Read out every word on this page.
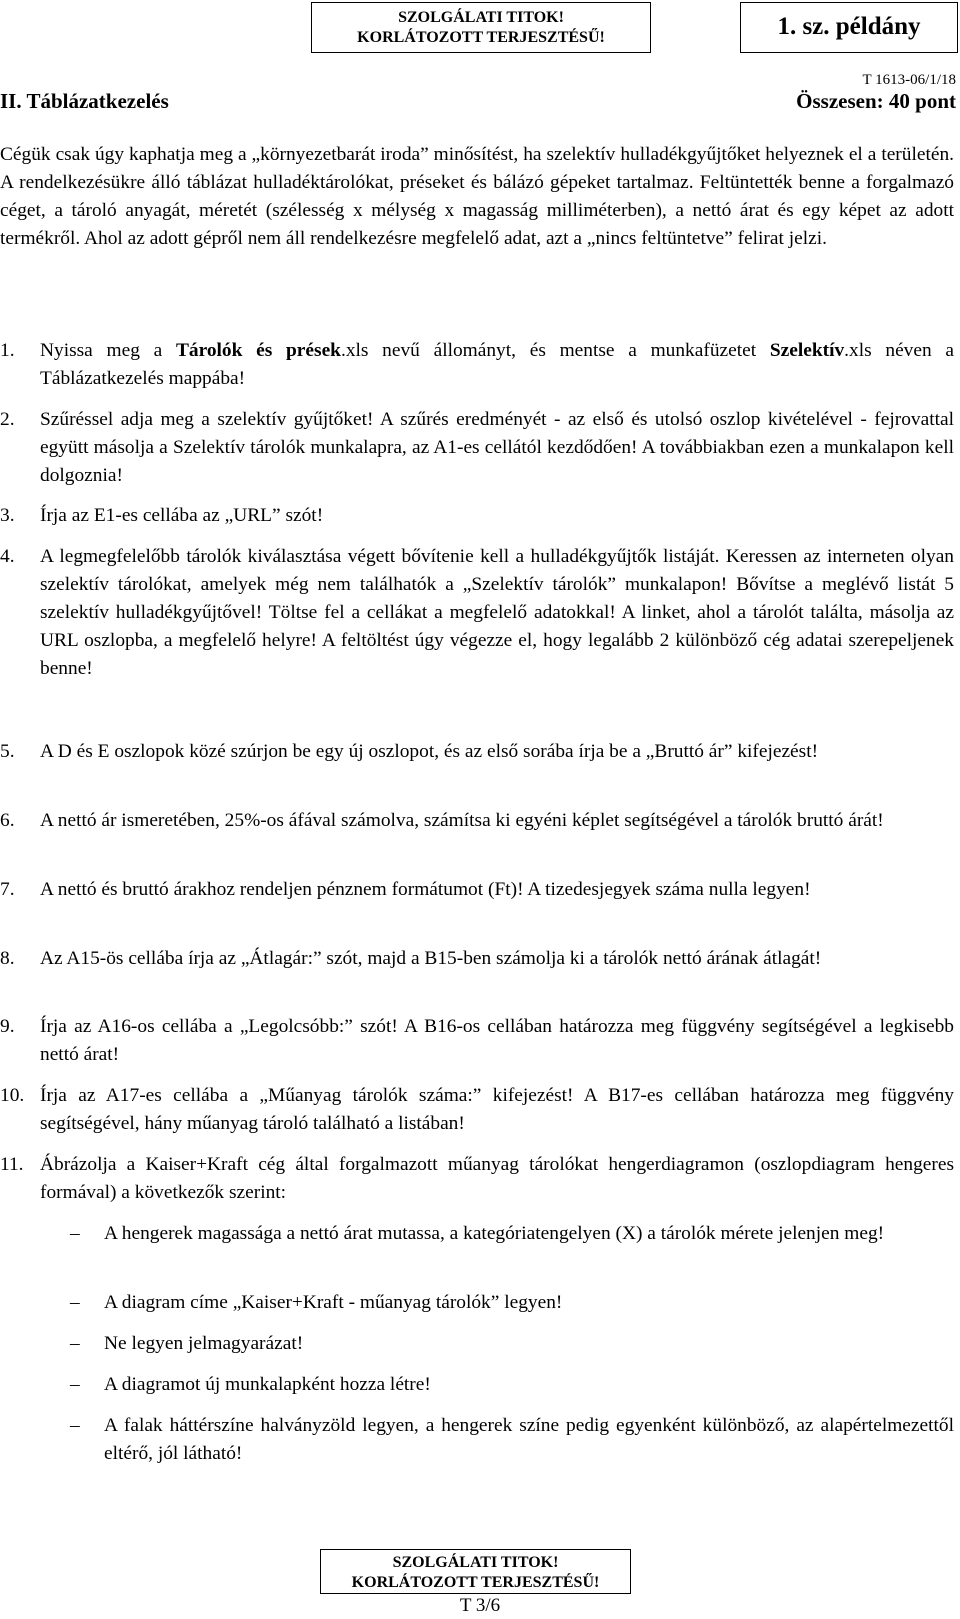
SZOLGÁLATI TITOK!
KORLÁTOZOTT TERJESZTÉSŰ!	1. sz. példány
T 1613-06/1/18
II. Táblázatkezelés	Összesen: 40 pont

Cégük csak úgy kaphatja meg a „környezetbarát iroda” minősítést, ha szelektív hulladékgyűjtőket helyeznek el a területén. A rendelkezésükre álló táblázat hulladéktárolókat, préseket és bálázó gépeket tartalmaz. Feltüntették benne a forgalmazó céget, a tároló anyagát, méretét (szélesség x mélység x magasság milliméterben), a nettó árat és egy képet az adott termékről. Ahol az adott gépről nem áll rendelkezésre megfelelő adat, azt a „nincs feltüntetve” felirat jelzi.

1. Nyissa meg a Tárolók és prések.xls nevű állományt, és mentse a munkafüzetet Szelektív.xls néven a Táblázatkezelés mappába!
2. Szűréssel adja meg a szelektív gyűjtőket! A szűrés eredményét - az első és utolsó oszlop kivételével - fejrovattal együtt másolja a Szelektív tárolók munkalapra, az A1-es cellától kezdődően! A továbbiakban ezen a munkalapon kell dolgoznia!
3. Írja az E1-es cellába az „URL” szót!
4. A legmegfelelőbb tárolók kiválasztása végett bővítenie kell a hulladékgyűjtők listáját. Keressen az interneten olyan szelektív tárolókat, amelyek még nem találhatók a „Szelektív tárolók” munkalapon! Bővítse a meglévő listát 5 szelektív hulladékgyűjtővel! Töltse fel a cellákat a megfelelő adatokkal! A linket, ahol a tárolót találta, másolja az URL oszlopba, a megfelelő helyre! A feltöltést úgy végezze el, hogy legalább 2 különböző cég adatai szerepeljenek benne!
5. A D és E oszlopok közé szúrjon be egy új oszlopot, és az első sorába írja be a „Bruttó ár” kifejezést!
6. A nettó ár ismeretében, 25%-os áfával számolva, számítsa ki egyéni képlet segítségével a tárolók bruttó árát!
7. A nettó és bruttó árakhoz rendeljen pénznem formátumot (Ft)! A tizedesjegyek száma nulla legyen!
8. Az A15-ös cellába írja az „Átlagár:” szót, majd a B15-ben számolja ki a tárolók nettó árának átlagát!
9. Írja az A16-os cellába a „Legolcsóbb:” szót! A B16-os cellában határozza meg függvény segítségével a legkisebb nettó árat!
10. Írja az A17-es cellába a „Műanyag tárolók száma:” kifejezést! A B17-es cellában határozza meg függvény segítségével, hány műanyag tároló található a listában!
11. Ábrázolja a Kaiser+Kraft cég által forgalmazott műanyag tárolókat hengerdiagramon (oszlopdiagram hengeres formával) a következők szerint:
– A hengerek magassága a nettó árat mutassa, a kategóriatengelyen (X) a tárolók mérete jelenjen meg!
– A diagram címe „Kaiser+Kraft - műanyag tárolók” legyen!
– Ne legyen jelmagyarázat!
– A diagramot új munkalapként hozza létre!
– A falak háttérszíne halványzöld legyen, a hengerek színe pedig egyenként különböző, az alapértelmezettől eltérő, jól látható!
SZOLGÁLATI TITOK!
KORLÁTOZOTT TERJESZTÉSŰ!
T 3/6
